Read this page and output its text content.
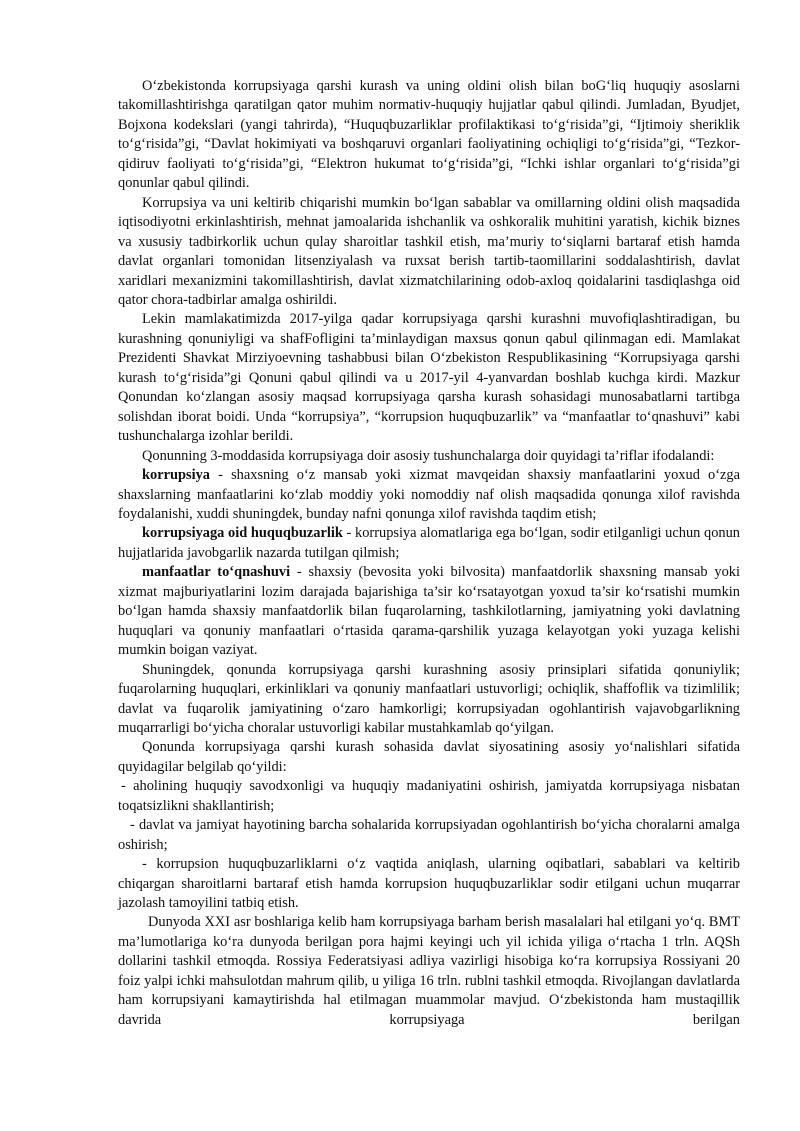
O‘zbekistonda korrupsiyaga qarshi kurash va uning oldini olish bilan boG‘liq huquqiy asoslarni takomillashtirishga qaratilgan qator muhim normativ-huquqiy hujjatlar qabul qilindi. Jumladan, Byudjet, Bojxona kodekslari (yangi tahrirda), “Huquqbuzarliklar profilaktikasi to‘g‘risida”gi, “Ijtimoiy sheriklik to‘g‘risida”gi, “Davlat hokimiyati va boshqaruvi organlari faoliyatining ochiqligi to‘g‘risida”gi, “Tezkor- qidiruv faoliyati to‘g‘risida”gi, “Elektron hukumat to‘g‘risida”gi, “Ichki ishlar organlari to‘g‘risida”gi qonunlar qabul qilindi.

Korrupsiya va uni keltirib chiqarishi mumkin bo‘lgan sabablar va omillarning oldini olish maqsadida iqtisodiyotni erkinlashtirish, mehnat jamoalarida ishchanlik va oshkoralik muhitini yaratish, kichik biznes va xususiy tadbirkorlik uchun qulay sharoitlar tashkil etish, ma’muriy to‘siqlarni bartaraf etish hamda davlat organlari tomonidan litsenziyalash va ruxsat berish tartib-taomillarini soddalashtirish, davlat xaridlari mexanizmini takomillashtirish, davlat xizmatchilarining odob-axloq qoidalarini tasdiqlashga oid qator chora-tadbirlar amalga oshirildi.

Lekin mamlakatimizda 2017-yilga qadar korrupsiyaga qarshi kurashni muvofiqlashtiradigan, bu kurashning qonuniyligi va shafFofligini ta’minlaydigan maxsus qonun qabul qilinmagan edi. Mamlakat Prezidenti Shavkat Mirziyoevning tashabbusi bilan O‘zbekiston Respublikasining “Korrupsiyaga qarshi kurash to‘g‘risida”gi Qonuni qabul qilindi va u 2017-yil 4-yanvardan boshlab kuchga kirdi. Mazkur Qonundan ko‘zlangan asosiy maqsad korrupsiyaga qarsha kurash sohasidagi munosabatlarni tartibga solishdan iborat boidi. Unda “korrupsiya”, “korrupsion huquqbuzarlik” va “manfaatlar to‘qnashuvi” kabi tushunchalarga izohlar berildi.

Qonunning 3-moddasida korrupsiyaga doir asosiy tushunchalarga doir quyidagi ta’riflar ifodalandi:

korrupsiya - shaxsning o‘z mansab yoki xizmat mavqeidan shaxsiy manfaatlarini yoxud o‘zga shaxslarning manfaatlarini ko‘zlab moddiy yoki nomoddiy naf olish maqsadida qonunga xilof ravishda foydalanishi, xuddi shuningdek, bunday nafni qonunga xilof ravishda taqdim etish;

korrupsiyaga oid huquqbuzarlik - korrupsiya alomatlariga ega bo‘lgan, sodir etilganligi uchun qonun hujjatlarida javobgarlik nazarda tutilgan qilmish;

manfaatlar to‘qnashuvi - shaxsiy (bevosita yoki bilvosita) manfaatdorlik shaxsning mansab yoki xizmat majburiyatlarini lozim darajada bajarishiga ta’sir ko‘rsatayotgan yoxud ta’sir ko‘rsatishi mumkin bo‘lgan hamda shaxsiy manfaatdorlik bilan fuqarolarning, tashkilotlarning, jamiyatning yoki davlatning huquqlari va qonuniy manfaatlari o‘rtasida qarama-qarshilik yuzaga kelayotgan yoki yuzaga kelishi mumkin boigan vaziyat.

Shuningdek, qonunda korrupsiyaga qarshi kurashning asosiy prinsiplari sifatida qonuniylik; fuqarolarning huquqlari, erkinliklari va qonuniy manfaatlari ustuvorligi; ochiqlik, shaffoflik va tizimlilik; davlat va fuqarolik jamiyatining o‘zaro hamkorligi; korrupsiyadan ogohlantirish vajavobgarlikning muqarrarligi bo‘yicha choralar ustuvorligi kabilar mustahkamlab qo‘yilgan.

Qonunda korrupsiyaga qarshi kurash sohasida davlat siyosatining asosiy yo‘nalishlari sifatida quyidagilar belgilab qo‘yildi:

- aholining huquqiy savodxonligi va huquqiy madaniyatini oshirish, jamiyatda korrupsiyaga nisbatan toqatsizlikni shakllantirish;

- davlat va jamiyat hayotining barcha sohalarida korrupsiyadan ogohlantirish bo‘yicha choralarni amalga oshirish;

- korrupsion huquqbuzarliklarni o‘z vaqtida aniqlash, ularning oqibatlari, sabablari va keltirib chiqargan sharoitlarni bartaraf etish hamda korrupsion huquqbuzarliklar sodir etilgani uchun muqarrar jazolash tamoyilini tatbiq etish.

Dunyoda XXI asr boshlariga kelib ham korrupsiyaga barham berish masalalari hal etilgani yo‘q. BMT ma’lumotlariga ko‘ra dunyoda berilgan pora hajmi keyingi uch yil ichida yiliga o‘rtacha 1 trln. AQSh dollarini tashkil etmoqda. Rossiya Federatsiyasi adliya vazirligi hisobiga ko‘ra korrupsiya Rossiyani 20 foiz yalpi ichki mahsulotdan mahrum qilib, u yiliga 16 trln. rublni tashkil etmoqda. Rivojlangan davlatlarda ham korrupsiyani kamaytirishda hal etilmagan muammolar mavjud. O‘zbekistonda ham mustaqillik davrida korrupsiyaga berilgan
